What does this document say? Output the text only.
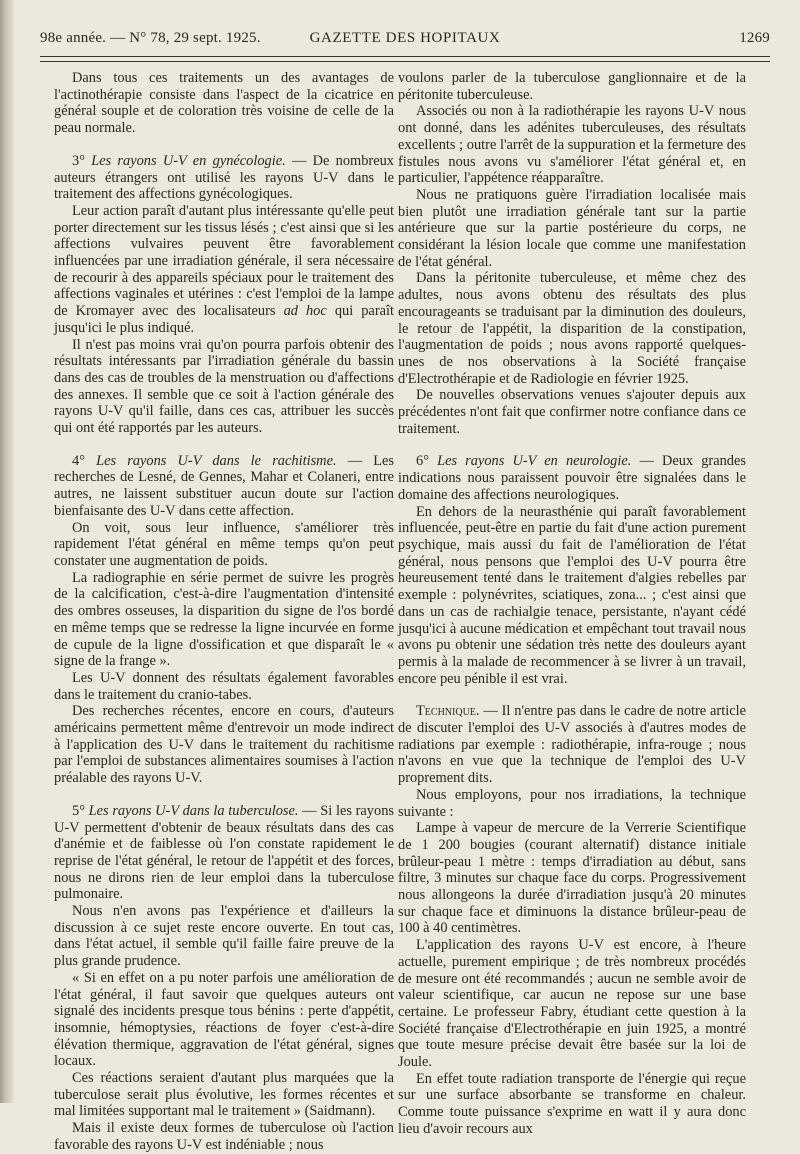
98e année. — N° 78, 29 sept. 1925.	GAZETTE DES HOPITAUX	1269

Dans tous ces traitements un des avantages de l'actinothérapie consiste dans l'aspect de la cicatrice en général souple et de coloration très voisine de celle de la peau normale.

3° Les rayons U-V en gynécologie. — De nombreux auteurs étrangers ont utilisé les rayons U-V dans le traitement des affections gynécologiques.

Leur action paraît d'autant plus intéressante qu'elle peut porter directement sur les tissus lésés ; c'est ainsi que si les affections vulvaires peuvent être favorablement influencées par une irradiation générale, il sera nécessaire de recourir à des appareils spéciaux pour le traitement des affections vaginales et utérines : c'est l'emploi de la lampe de Kromayer avec des localisateurs ad hoc qui paraît jusqu'ici le plus indiqué.

Il n'est pas moins vrai qu'on pourra parfois obtenir des résultats intéressants par l'irradiation générale du bassin dans des cas de troubles de la menstruation ou d'affections des annexes. Il semble que ce soit à l'action générale des rayons U-V qu'il faille, dans ces cas, attribuer les succès qui ont été rapportés par les auteurs.

4° Les rayons U-V dans le rachitisme. — Les recherches de Lesné, de Gennes, Mahar et Colaneri, entre autres, ne laissent substituer aucun doute sur l'action bienfaisante des U-V dans cette affection.

On voit, sous leur influence, s'améliorer très rapidement l'état général en même temps qu'on peut constater une augmentation de poids.

La radiographie en série permet de suivre les progrès de la calcification, c'est-à-dire l'augmentation d'intensité des ombres osseuses, la disparition du signe de l'os bordé en même temps que se redresse la ligne incurvée en forme de cupule de la ligne d'ossification et que disparaît le « signe de la frange ».

Les U-V donnent des résultats également favorables dans le traitement du cranio-tabes.

Des recherches récentes, encore en cours, d'auteurs américains permettent même d'entrevoir un mode indirect à l'application des U-V dans le traitement du rachitisme par l'emploi de substances alimentaires soumises à l'action préalable des rayons U-V.

5° Les rayons U-V dans la tuberculose. — Si les rayons U-V permettent d'obtenir de beaux résultats dans des cas d'anémie et de faiblesse où l'on constate rapidement le reprise de l'état général, le retour de l'appétit et des forces, nous ne dirons rien de leur emploi dans la tuberculose pulmonaire.

Nous n'en avons pas l'expérience et d'ailleurs la discussion à ce sujet reste encore ouverte. En tout cas, dans l'état actuel, il semble qu'il faille faire preuve de la plus grande prudence.

« Si en effet on a pu noter parfois une amélioration de l'état général, il faut savoir que quelques auteurs ont signalé des incidents presque tous bénins : perte d'appétit, insomnie, hémoptysies, réactions de foyer c'est-à-dire élévation thermique, aggravation de l'état général, signes locaux.

Ces réactions seraient d'autant plus marquées que la tuberculose serait plus évolutive, les formes récentes et mal limitées supportant mal le traitement » (Saidmann).

Mais il existe deux formes de tuberculose où l'action favorable des rayons U-V est indéniable ; nous

voulons parler de la tuberculose ganglionnaire et de la péritonite tuberculeuse.

Associés ou non à la radiothérapie les rayons U-V nous ont donné, dans les adénites tuberculeuses, des résultats excellents ; outre l'arrêt de la suppuration et la fermeture des fistules nous avons vu s'améliorer l'état général et, en particulier, l'appétence réapparaître.

Nous ne pratiquons guère l'irradiation localisée mais bien plutôt une irradiation générale tant sur la partie antérieure que sur la partie postérieure du corps, ne considérant la lésion locale que comme une manifestation de l'état général.

Dans la péritonite tuberculeuse, et même chez des adultes, nous avons obtenu des résultats des plus encourageants se traduisant par la diminution des douleurs, le retour de l'appétit, la disparition de la constipation, l'augmentation de poids ; nous avons rapporté quelques-unes de nos observations à la Société française d'Electrothérapie et de Radiologie en février 1925.

De nouvelles observations venues s'ajouter depuis aux précédentes n'ont fait que confirmer notre confiance dans ce traitement.

6° Les rayons U-V en neurologie. — Deux grandes indications nous paraissent pouvoir être signalées dans le domaine des affections neurologiques.

En dehors de la neurasthénie qui paraît favorablement influencée, peut-être en partie du fait d'une action purement psychique, mais aussi du fait de l'amélioration de l'état général, nous pensons que l'emploi des U-V pourra être heureusement tenté dans le traitement d'algies rebelles par exemple : polynévrites, sciatiques, zona... ; c'est ainsi que dans un cas de rachialgie tenace, persistante, n'ayant cédé jusqu'ici à aucune médication et empêchant tout travail nous avons pu obtenir une sédation très nette des douleurs ayant permis à la malade de recommencer à se livrer à un travail, encore peu pénible il est vrai.

Technique. — Il n'entre pas dans le cadre de notre article de discuter l'emploi des U-V associés à d'autres modes de radiations par exemple : radiothérapie, infra-rouge ; nous n'avons en vue que la technique de l'emploi des U-V proprement dits.

Nous employons, pour nos irradiations, la technique suivante :

Lampe à vapeur de mercure de la Verrerie Scientifique de 1 200 bougies (courant alternatif) distance initiale brûleur-peau 1 mètre : temps d'irradiation au début, sans filtre, 3 minutes sur chaque face du corps. Progressivement nous allongeons la durée d'irradiation jusqu'à 20 minutes sur chaque face et diminuons la distance brûleur-peau de 100 à 40 centimètres.

L'application des rayons U-V est encore, à l'heure actuelle, purement empirique ; de très nombreux procédés de mesure ont été recommandés ; aucun ne semble avoir de valeur scientifique, car aucun ne repose sur une base certaine. Le professeur Fabry, étudiant cette question à la Société française d'Electrothérapie en juin 1925, a montré que toute mesure précise devait être basée sur la loi de Joule.

En effet toute radiation transporte de l'énergie qui reçue sur une surface absorbante se transforme en chaleur. Comme toute puissance s'exprime en watt il y aura donc lieu d'avoir recours aux
